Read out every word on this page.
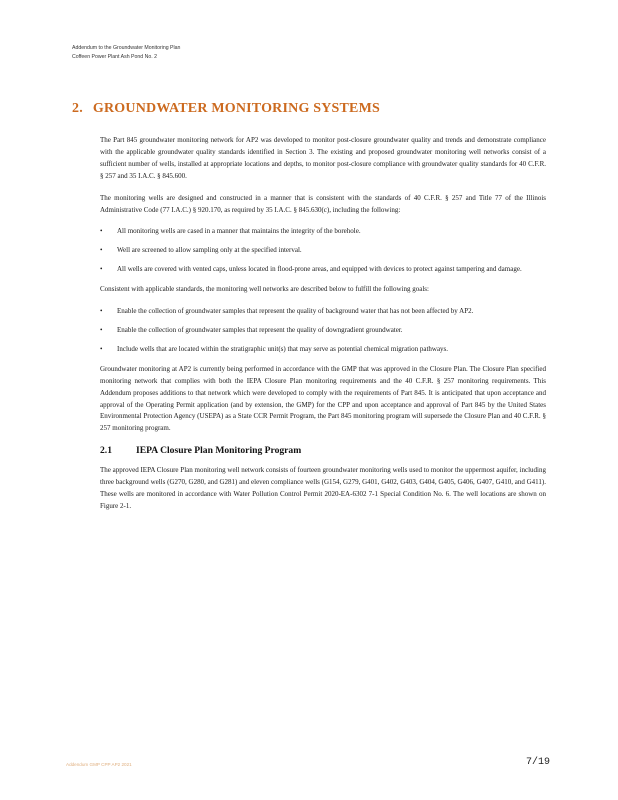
Addendum to the Groundwater Monitoring Plan
Coffeen Power Plant Ash Pond No. 2
2. GROUNDWATER MONITORING SYSTEMS

The Part 845 groundwater monitoring network for AP2 was developed to monitor post-closure groundwater quality and trends and demonstrate compliance with the applicable groundwater quality standards identified in Section 3. The existing and proposed groundwater monitoring well networks consist of a sufficient number of wells, installed at appropriate locations and depths, to monitor post-closure compliance with groundwater quality standards for 40 C.F.R. § 257 and 35 I.A.C. § 845.600.

The monitoring wells are designed and constructed in a manner that is consistent with the standards of 40 C.F.R. § 257 and Title 77 of the Illinois Administrative Code (77 I.A.C.) § 920.170, as required by 35 I.A.C. § 845.630(c), including the following:

• All monitoring wells are cased in a manner that maintains the integrity of the borehole.
• Well are screened to allow sampling only at the specified interval.
• All wells are covered with vented caps, unless located in flood-prone areas, and equipped with devices to protect against tampering and damage.

Consistent with applicable standards, the monitoring well networks are described below to fulfill the following goals:

• Enable the collection of groundwater samples that represent the quality of background water that has not been affected by AP2.
• Enable the collection of groundwater samples that represent the quality of downgradient groundwater.
• Include wells that are located within the stratigraphic unit(s) that may serve as potential chemical migration pathways.

Groundwater monitoring at AP2 is currently being performed in accordance with the GMP that was approved in the Closure Plan. The Closure Plan specified monitoring network that complies with both the IEPA Closure Plan monitoring requirements and the 40 C.F.R. § 257 monitoring requirements. This Addendum proposes additions to that network which were developed to comply with the requirements of Part 845. It is anticipated that upon acceptance and approval of the Operating Permit application (and by extension, the GMP) for the CPP and upon acceptance and approval of Part 845 by the United States Environmental Protection Agency (USEPA) as a State CCR Permit Program, the Part 845 monitoring program will supersede the Closure Plan and 40 C.F.R. § 257 monitoring program.

2.1	IEPA Closure Plan Monitoring Program

The approved IEPA Closure Plan monitoring well network consists of fourteen groundwater monitoring wells used to monitor the uppermost aquifer, including three background wells (G270, G280, and G281) and eleven compliance wells (G154, G279, G401, G402, G403, G404, G405, G406, G407, G410, and G411). These wells are monitored in accordance with Water Pollution Control Permit 2020-EA-6302 7-1 Special Condition No. 6. The well locations are shown on Figure 2-1.

Addendum GMP CPP AP2 2021	7/19
